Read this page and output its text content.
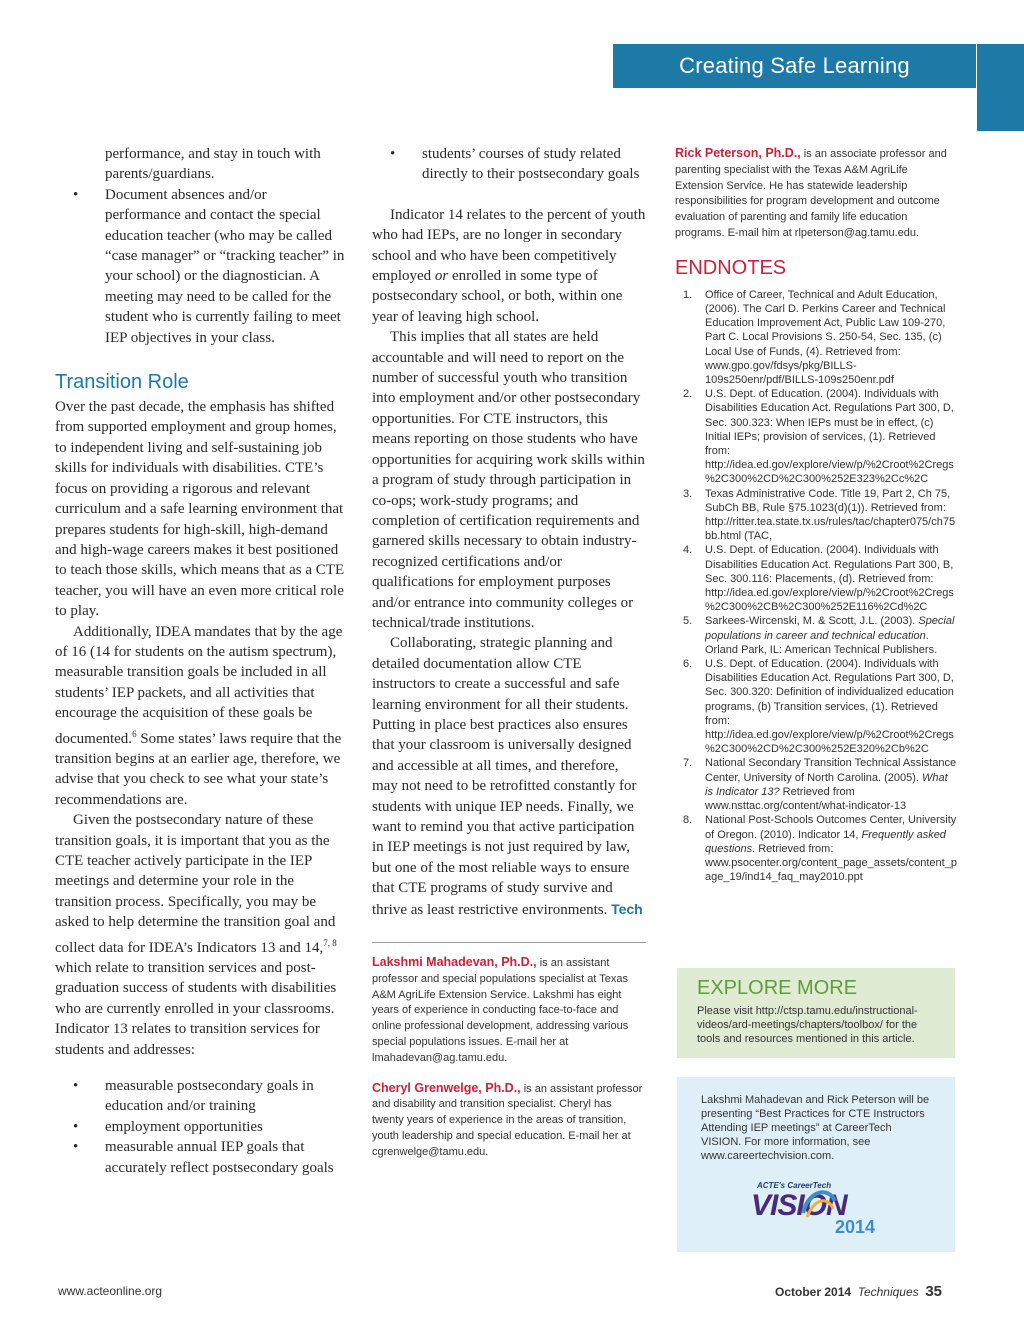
Creating Safe Learning Environments

performance, and stay in touch with parents/guardians.

• Document absences and/or performance and contact the special education teacher (who may be called “case manager” or “tracking teacher” in your school) or the diagnostician. A meeting may need to be called for the student who is currently failing to meet IEP objectives in your class.

Transition Role

Over the past decade, the emphasis has shifted from supported employment and group homes, to independent living and self-sustaining job skills for individuals with disabilities. CTE’s focus on providing a rigorous and relevant curriculum and a safe learning environment that prepares students for high-skill, high-demand and high-wage careers makes it best positioned to teach those skills, which means that as a CTE teacher, you will have an even more critical role to play.

Additionally, IDEA mandates that by the age of 16 (14 for students on the autism spectrum), measurable transition goals be included in all students’ IEP packets, and all activities that encourage the acquisition of these goals be documented.$^6$ Some states’ laws require that the transition begins at an earlier age, therefore, we advise that you check to see what your state’s recommendations are.

Given the postsecondary nature of these transition goals, it is important that you as the CTE teacher actively participate in the IEP meetings and determine your role in the transition process. Specifically, you may be asked to help determine the transition goal and collect data for IDEA’s Indicators 13 and 14,$^{7, 8}$ which relate to transition services and post-graduation success of students with disabilities who are currently enrolled in your classrooms. Indicator 13 relates to transition services for students and addresses:

• measurable postsecondary goals in education and/or training

• employment opportunities

• measurable annual IEP goals that accurately reflect postsecondary goals

• students’ courses of study related directly to their postsecondary goals

Indicator 14 relates to the percent of youth who had IEPs, are no longer in secondary school and who have been competitively employed or enrolled in some type of postsecondary school, or both, within one year of leaving high school.

This implies that all states are held accountable and will need to report on the number of successful youth who transition into employment and/or other postsecondary opportunities. For CTE instructors, this means reporting on those students who have opportunities for acquiring work skills within a program of study through participation in co-ops; work-study programs; and completion of certification requirements and garnered skills necessary to obtain industry-recognized certifications and/or qualifications for employment purposes and/or entrance into community colleges or technical/trade institutions.

Collaborating, strategic planning and detailed documentation allow CTE instructors to create a successful and safe learning environment for all their students. Putting in place best practices also ensures that your classroom is universally designed and accessible at all times, and therefore, may not need to be retrofitted constantly for students with unique IEP needs. Finally, we want to remind you that active participation in IEP meetings is not just required by law, but one of the most reliable ways to ensure that CTE programs of study survive and thrive as least restrictive environments. Tech

Lakshmi Mahadevan, Ph.D., is an assistant professor and special populations specialist at Texas A&M AgriLife Extension Service. Lakshmi has eight years of experience in conducting face-to-face and online professional development, addressing various special populations issues. E-mail her at lmahadevan@ag.tamu.edu.

Cheryl Grenwelge, Ph.D., is an assistant professor and disability and transition specialist. Cheryl has twenty years of experience in the areas of transition, youth leadership and special education. E-mail her at cgrenwelge@tamu.edu.

Rick Peterson, Ph.D., is an associate professor and parenting specialist with the Texas A&M AgriLife Extension Service. He has statewide leadership responsibilities for program development and outcome evaluation of parenting and family life education programs. E-mail him at rlpeterson@ag.tamu.edu.

ENDNOTES

1. Office of Career, Technical and Adult Education, (2006). The Carl D. Perkins Career and Technical Education Improvement Act, Public Law 109-270, Part C. Local Provisions S. 250-54, Sec. 135, (c) Local Use of Funds, (4). Retrieved from: www.gpo.gov/fdsys/pkg/BILLS-109s250enr/pdf/BILLS-109s250enr.pdf

2. U.S. Dept. of Education. (2004). Individuals with Disabilities Education Act. Regulations Part 300, D, Sec. 300.323: When IEPs must be in effect, (c) Initial IEPs; provision of services, (1). Retrieved from: http://idea.ed.gov/explore/view/p/%2Croot%2Cregs%2C300%2CD%2C300%252E323%2Cc%2C

3. Texas Administrative Code. Title 19, Part 2, Ch 75, SubCh BB, Rule §75.1023(d)(1)). Retrieved from: http://ritter.tea.state.tx.us/rules/tac/chapter075/ch75bb.html (TAC,

4. U.S. Dept. of Education. (2004). Individuals with Disabilities Education Act. Regulations Part 300, B, Sec. 300.116: Placements, (d). Retrieved from: http://idea.ed.gov/explore/view/p/%2Croot%2Cregs%2C300%2CB%2C300%252E116%2Cd%2C

5. Sarkees-Wircenski, M. & Scott, J.L. (2003). Special populations in career and technical education. Orland Park, IL: American Technical Publishers.

6. U.S. Dept. of Education. (2004). Individuals with Disabilities Education Act. Regulations Part 300, D, Sec. 300.320: Definition of individualized education programs, (b) Transition services, (1). Retrieved from: http://idea.ed.gov/explore/view/p/%2Croot%2Cregs%2C300%2CD%2C300%252E320%2Cb%2C

7. National Secondary Transition Technical Assistance Center, University of North Carolina. (2005). What is Indicator 13? Retrieved from www.nsttac.org/content/what-indicator-13

8. National Post-Schools Outcomes Center, University of Oregon. (2010). Indicator 14, Frequently asked questions. Retrieved from: www.psocenter.org/content_page_assets/content_page_19/ind14_faq_may2010.ppt

EXPLORE MORE

Please visit http://ctsp.tamu.edu/instructional-videos/ard-meetings/chapters/toolbox/ for the tools and resources mentioned in this article.

Lakshmi Mahadevan and Rick Peterson will be presenting “Best Practices for CTE Instructors Attending IEP meetings” at CareerTech VISION. For more information, see www.careertechvision.com.

ACTE's CareerTech
VISION
2014
www.acteonline.org	October 2014 Techniques 35
